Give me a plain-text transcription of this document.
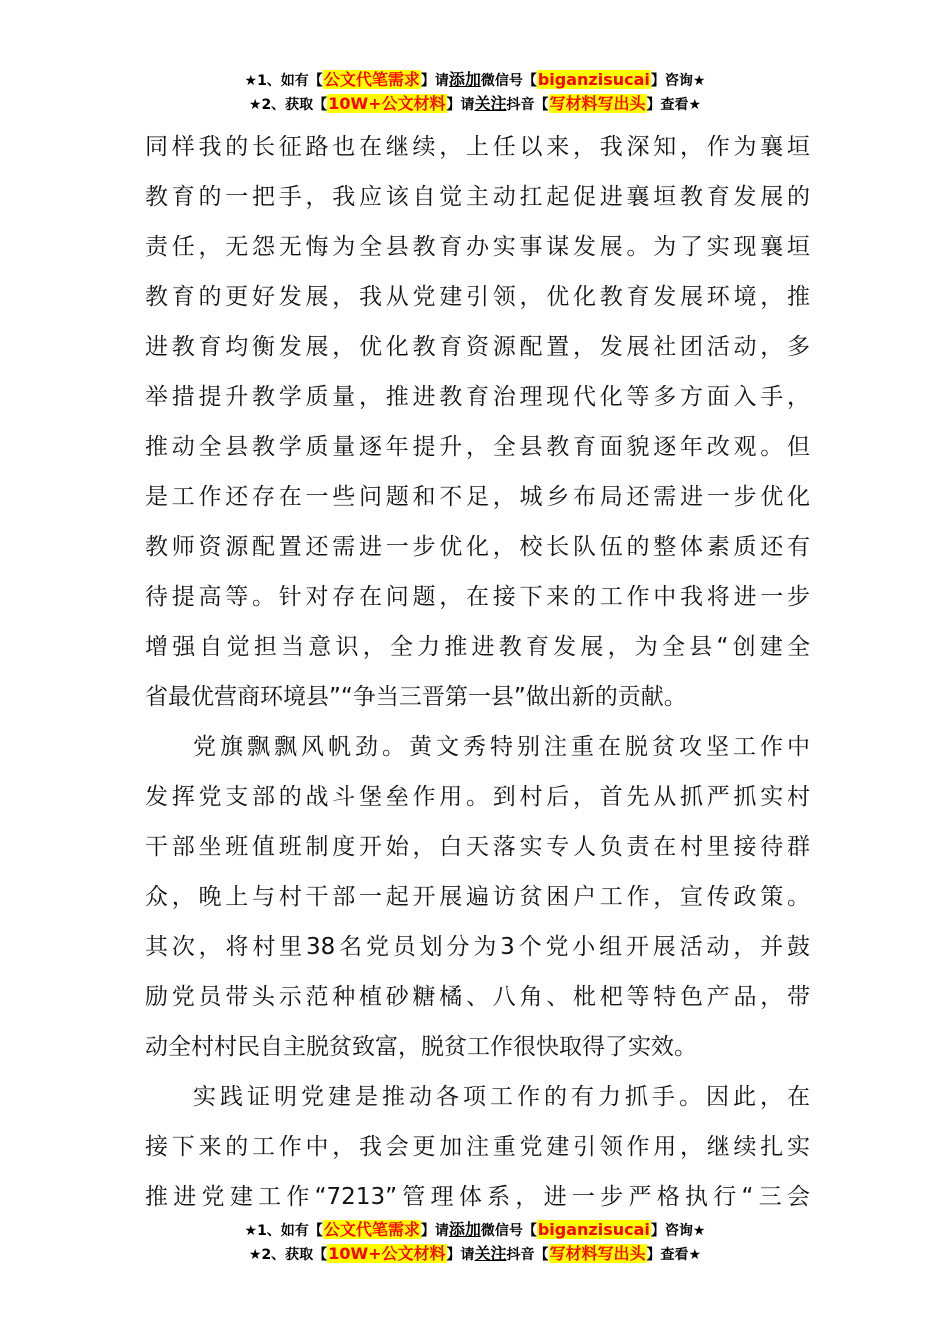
★1、如有【公文代笔需求】请添加微信号【biganzisucai】咨询★
★2、获取【10W+公文材料】请关注抖音【写材料写出头】查看★
同样我的长征路也在继续，上任以来，我深知，作为襄垣
教育的一把手，我应该自觉主动扛起促进襄垣教育发展的
责任，无怨无悔为全县教育办实事谋发展。为了实现襄垣
教育的更好发展，我从党建引领，优化教育发展环境，推
进教育均衡发展，优化教育资源配置，发展社团活动，多
举措提升教学质量，推进教育治理现代化等多方面入手，
推动全县教学质量逐年提升，全县教育面貌逐年改观。但
是工作还存在一些问题和不足，城乡布局还需进一步优化
教师资源配置还需进一步优化，校长队伍的整体素质还有
待提高等。针对存在问题，在接下来的工作中我将进一步
增强自觉担当意识，全力推进教育发展，为全县“创建全
省最优营商环境县”“争当三晋第一县”做出新的贡献。
党旗飘飘风帆劲。黄文秀特别注重在脱贫攻坚工作中
发挥党支部的战斗堡垒作用。到村后，首先从抓严抓实村
干部坐班值班制度开始，白天落实专人负责在村里接待群
众，晚上与村干部一起开展遍访贫困户工作，宣传政策。
其次，将村里38名党员划分为3个党小组开展活动，并鼓
励党员带头示范种植砂糖橘、八角、枇杷等特色产品，带
动全村村民自主脱贫致富，脱贫工作很快取得了实效。
实践证明党建是推动各项工作的有力抓手。因此，在
接下来的工作中，我会更加注重党建引领作用，继续扎实
推进党建工作“7213”管理体系，进一步严格执行“三会
★1、如有【公文代笔需求】请添加微信号【biganzisucai】咨询★
★2、获取【10W+公文材料】请关注抖音【写材料写出头】查看★
